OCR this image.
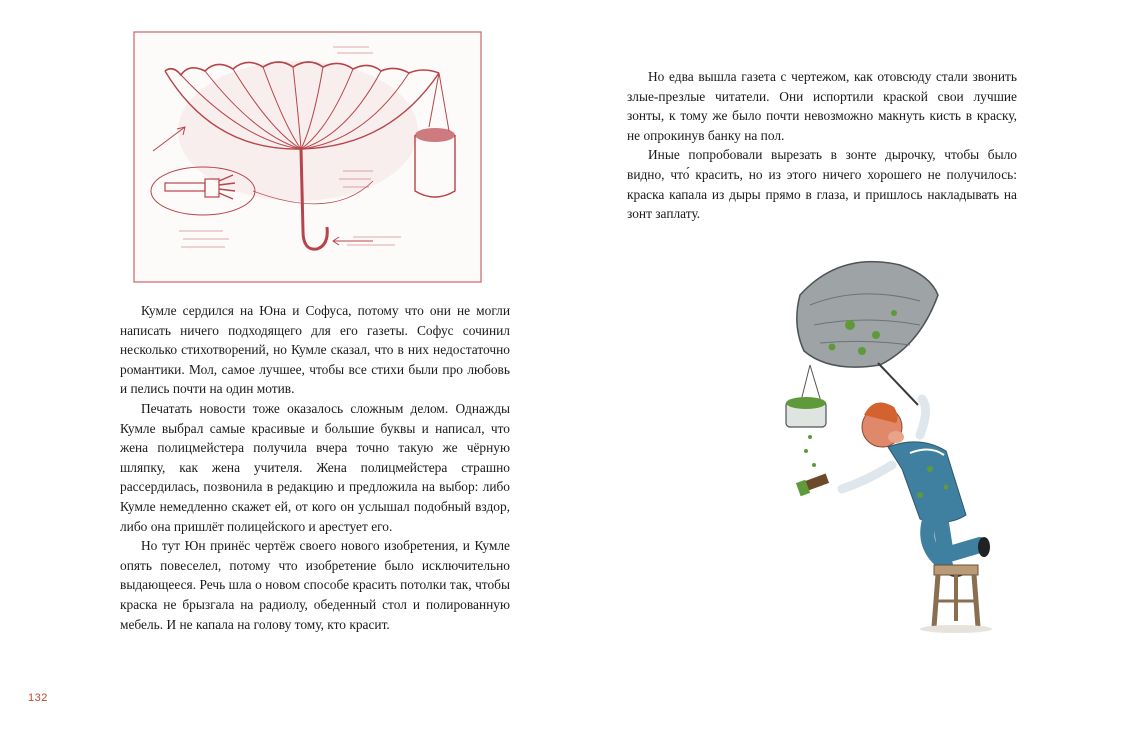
Кумле сердился на Юна и Софуса, потому что они не могли написать ничего подходящего для его газеты. Софус сочинил несколько стихотворений, но Кумле сказал, что в них недостаточно романтики. Мол, самое лучшее, чтобы все стихи были про любовь и пелись почти на один мотив.

Печатать новости тоже оказалось сложным делом. Однажды Кумле выбрал самые красивые и большие буквы и написал, что жена полицмейстера получила вчера точно такую же чёрную шляпку, как жена учителя. Жена полицмейстера страшно рассердилась, позвонила в редакцию и предложила на выбор: либо Кумле немедленно скажет ей, от кого он услышал подобный вздор, либо она пришлёт полицейского и арестует его.

Но тут Юн принёс чертёж своего нового изобретения, и Кумле опять повеселел, потому что изобретение было исключительно выдающееся. Речь шла о новом способе красить потолки так, чтобы краска не брызгала на радиолу, обеденный стол и полированную мебель. И не капала на голову тому, кто красит.

132

Но едва вышла газета с чертежом, как отовсюду стали звонить злые-презлые читатели. Они испортили краской свои лучшие зонты, к тому же было почти невозможно макнуть кисть в краску, не опрокинув банку на пол.

Иные попробовали вырезать в зонте дырочку, чтобы было видно, что́ красить, но из этого ничего хорошего не получилось: краска капала из дыры прямо в глаза, и пришлось накладывать на зонт заплату.
